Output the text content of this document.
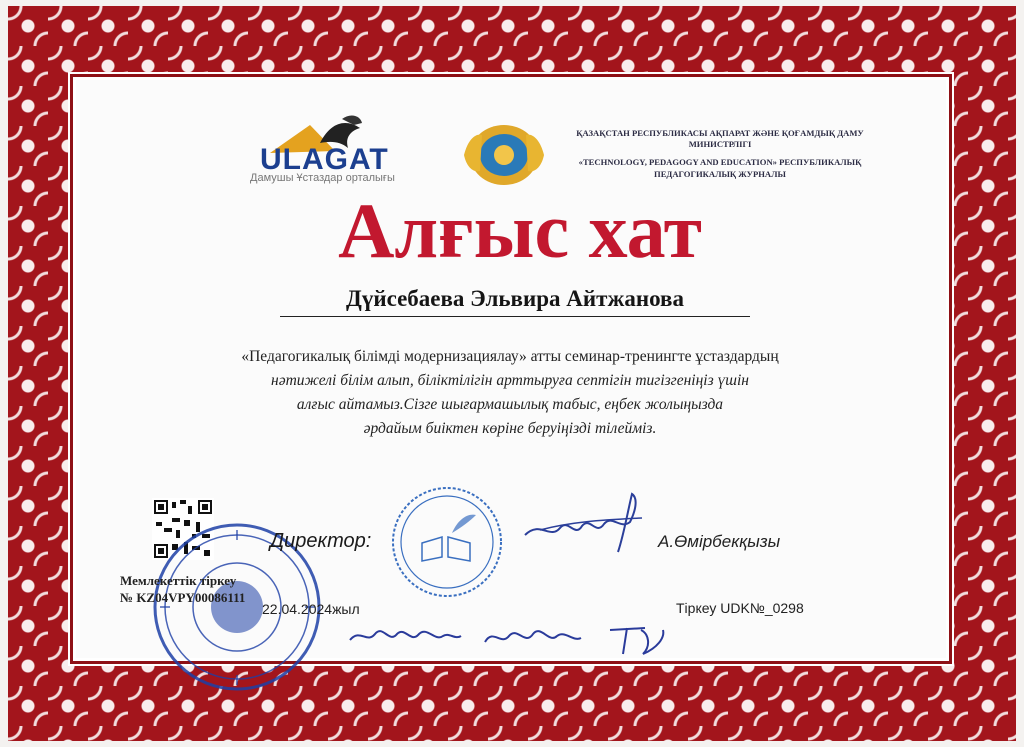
ULAGAT
Дамушы Ұстаздар орталығы

ҚАЗАҚСТАН РЕСПУБЛИКАСЫ АҚПАРАТ ЖӘНЕ ҚОҒАМДЫҚ ДАМУ МИНИСТРЛІГІ

«TECHNOLOGY, PEDAGOGY AND EDUCATION» РЕСПУБЛИКАЛЫҚ ПЕДАГОГИКАЛЫҚ ЖУРНАЛЫ

Алғыс хат
Дүйсебаева Эльвира Айтжанова
«Педагогикалық білімді модернизациялау» атты семинар-тренингте ұстаздардың
нәтижелі білім алып, біліктілігін арттыруға септігін тигізгеніңіз үшін
алғыс айтамыз.Сізге шығармашылық табыс, еңбек жолыңызда
әрдайым биіктен көріне беруіңізді тілейміз.
Директор:	А.Өмірбекқызы
Мемлекеттік тіркеу
№ KZ04VPY00086111
22.04.2024жыл	Тіркеу UDK№_0298
